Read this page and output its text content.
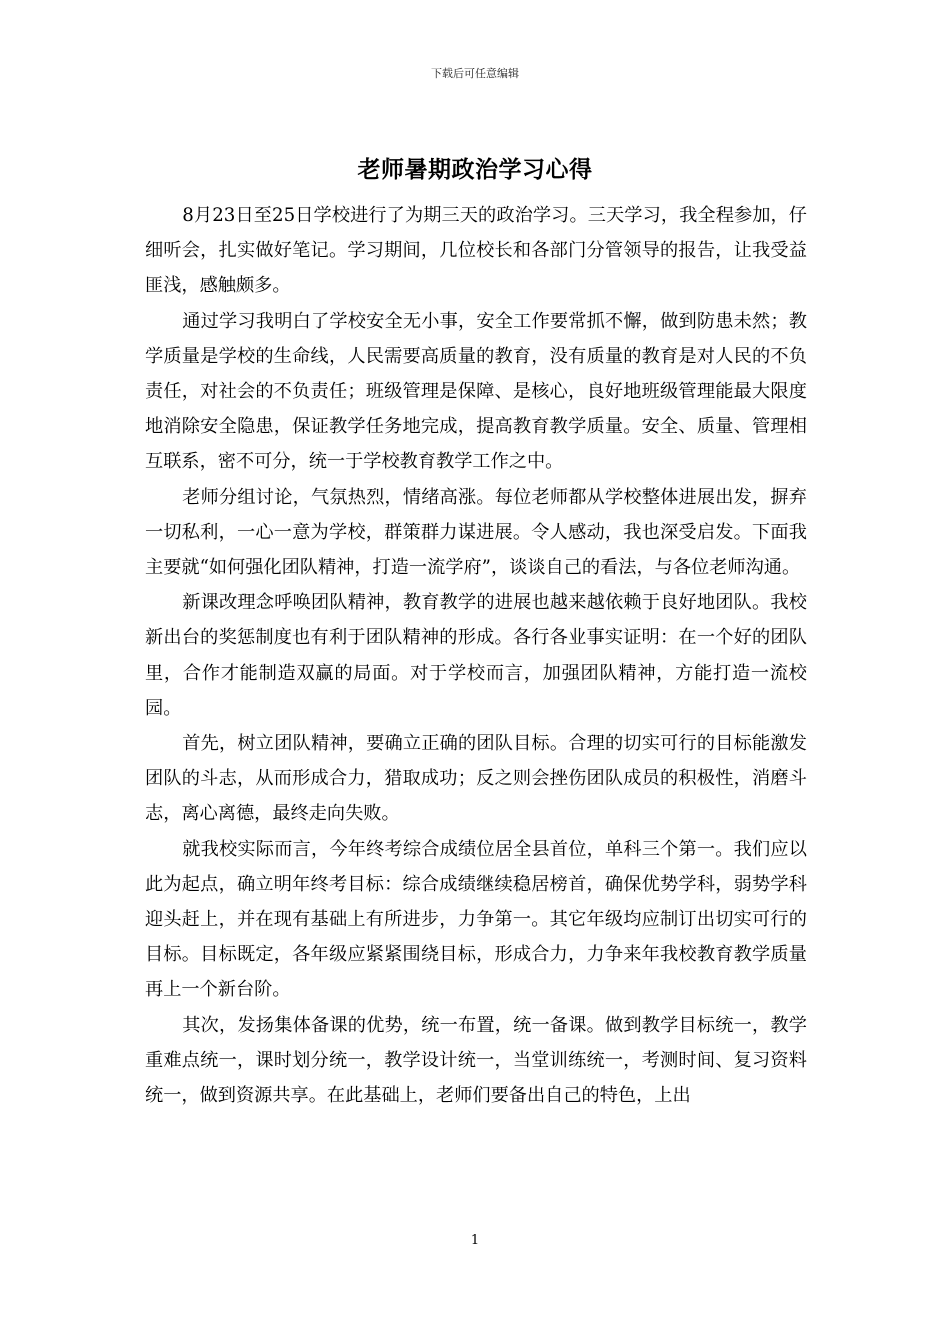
下载后可任意编辑
老师暑期政治学习心得

8月23日至25日学校进行了为期三天的政治学习。三天学习，我全程参加，仔细听会，扎实做好笔记。学习期间，几位校长和各部门分管领导的报告，让我受益匪浅，感触颇多。

通过学习我明白了学校安全无小事，安全工作要常抓不懈，做到防患未然；教学质量是学校的生命线，人民需要高质量的教育，没有质量的教育是对人民的不负责任，对社会的不负责任；班级管理是保障、是核心，良好地班级管理能最大限度地消除安全隐患，保证教学任务地完成，提高教育教学质量。安全、质量、管理相互联系，密不可分，统一于学校教育教学工作之中。

老师分组讨论，气氛热烈，情绪高涨。每位老师都从学校整体进展出发，摒弃一切私利，一心一意为学校，群策群力谋进展。令人感动，我也深受启发。下面我主要就“如何强化团队精神，打造一流学府”，谈谈自己的看法，与各位老师沟通。

新课改理念呼唤团队精神，教育教学的进展也越来越依赖于良好地团队。我校新出台的奖惩制度也有利于团队精神的形成。各行各业事实证明：在一个好的团队里，合作才能制造双赢的局面。对于学校而言，加强团队精神，方能打造一流校园。

首先，树立团队精神，要确立正确的团队目标。合理的切实可行的目标能激发团队的斗志，从而形成合力，猎取成功；反之则会挫伤团队成员的积极性，消磨斗志，离心离德，最终走向失败。

就我校实际而言，今年终考综合成绩位居全县首位，单科三个第一。我们应以此为起点，确立明年终考目标：综合成绩继续稳居榜首，确保优势学科，弱势学科迎头赶上，并在现有基础上有所进步，力争第一。其它年级均应制订出切实可行的目标。目标既定，各年级应紧紧围绕目标，形成合力，力争来年我校教育教学质量再上一个新台阶。

其次，发扬集体备课的优势，统一布置，统一备课。做到教学目标统一，教学重难点统一，课时划分统一，教学设计统一，当堂训练统一，考测时间、复习资料统一，做到资源共享。在此基础上，老师们要备出自己的特色，上出

1
